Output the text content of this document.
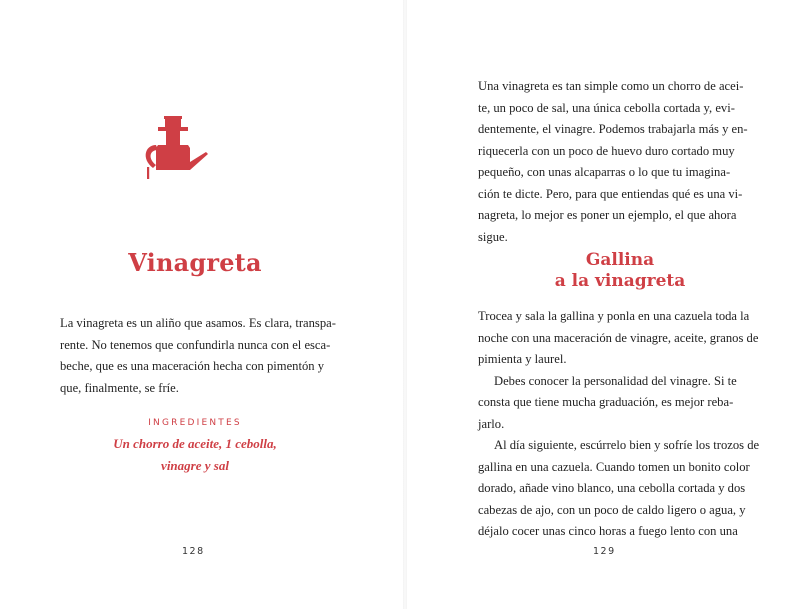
Vinagreta

La vinagreta es un aliño que asamos. Es clara, transpa-
rente. No tenemos que confundirla nunca con el esca-
beche, que es una maceración hecha con pimentón y
que, finalmente, se fríe.

INGREDIENTES
Un chorro de aceite, 1 cebolla,
vinagre y sal
128

Una vinagreta es tan simple como un chorro de acei-
te, un poco de sal, una única cebolla cortada y, evi-
dentemente, el vinagre. Podemos trabajarla más y en-
riquecerla con un poco de huevo duro cortado muy
pequeño, con unas alcaparras o lo que tu imagina-
ción te dicte. Pero, para que entiendas qué es una vi-
nagreta, lo mejor es poner un ejemplo, el que ahora
sigue.

Gallina
a la vinagreta
Trocea y sala la gallina y ponla en una cazuela toda la
noche con una maceración de vinagre, aceite, granos de
pimienta y laurel.
Debes conocer la personalidad del vinagre. Si te
consta que tiene mucha graduación, es mejor reba-
jarlo.
Al día siguiente, escúrrelo bien y sofríe los trozos de
gallina en una cazuela. Cuando tomen un bonito color
dorado, añade vino blanco, una cebolla cortada y dos
cabezas de ajo, con un poco de caldo ligero o agua, y
déjalo cocer unas cinco horas a fuego lento con una
129
